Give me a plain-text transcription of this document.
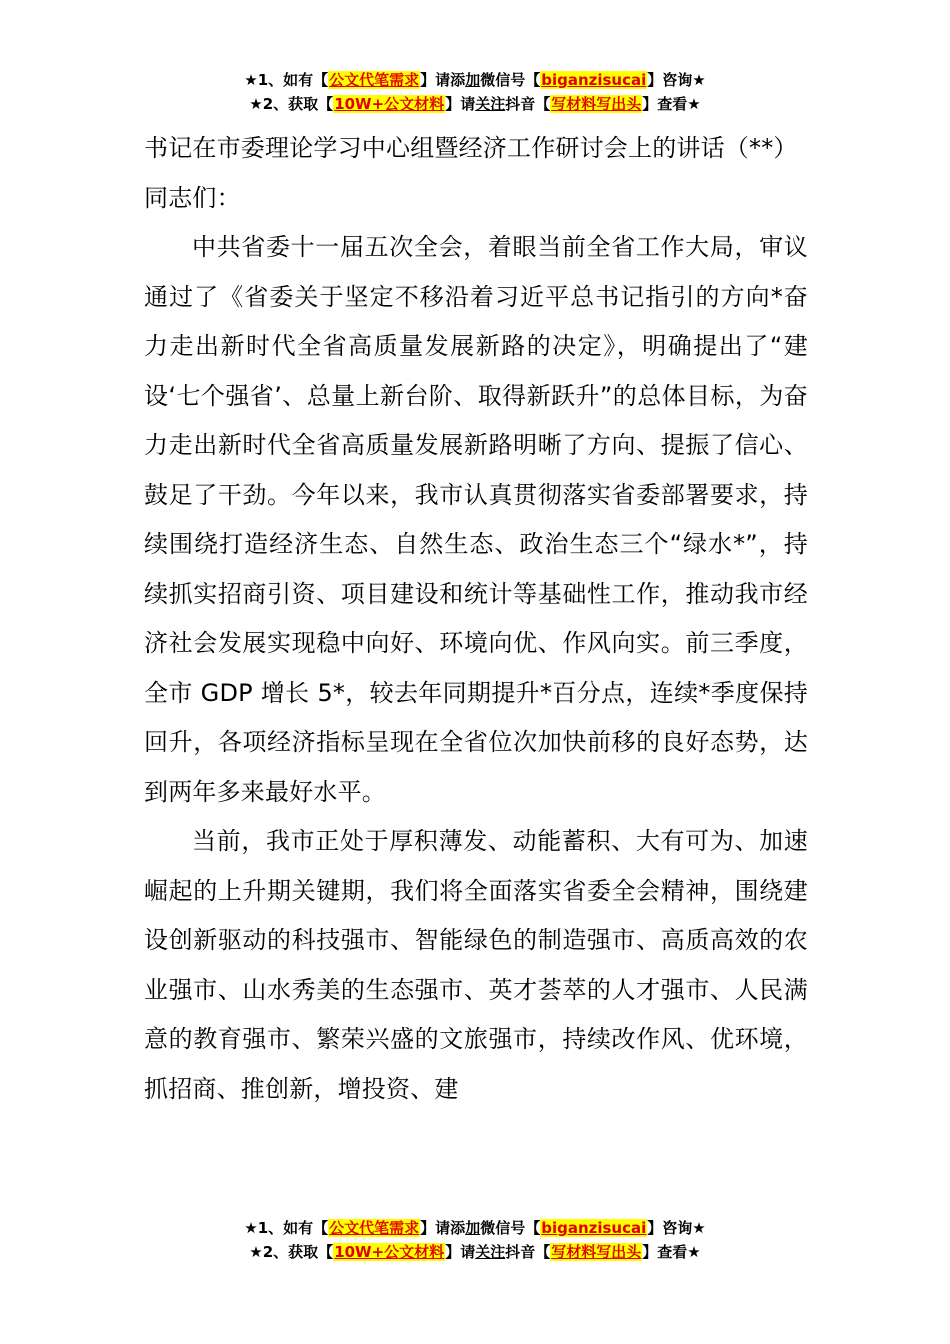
★1、如有【公文代笔需求】请添加微信号【biganzisucai】咨询★
★2、获取【10W+公文材料】请关注抖音【写材料写出头】查看★

书记在市委理论学习中心组暨经济工作研讨会上的讲话（**）

同志们：

中共省委十一届五次全会，着眼当前全省工作大局，审议通过了《省委关于坚定不移沿着习近平总书记指引的方向*奋力走出新时代全省高质量发展新路的决定》，明确提出了“建设‘七个强省’、总量上新台阶、取得新跃升”的总体目标，为奋力走出新时代全省高质量发展新路明晰了方向、提振了信心、鼓足了干劲。今年以来，我市认真贯彻落实省委部署要求，持续围绕打造经济生态、自然生态、政治生态三个“绿水*”，持续抓实招商引资、项目建设和统计等基础性工作，推动我市经济社会发展实现稳中向好、环境向优、作风向实。前三季度，全市 GDP 增长 5*，较去年同期提升*百分点，连续*季度保持回升，各项经济指标呈现在全省位次加快前移的良好态势，达到两年多来最好水平。

当前，我市正处于厚积薄发、动能蓄积、大有可为、加速崛起的上升期关键期，我们将全面落实省委全会精神，围绕建设创新驱动的科技强市、智能绿色的制造强市、高质高效的农业强市、山水秀美的生态强市、英才荟萃的人才强市、人民满意的教育强市、繁荣兴盛的文旅强市，持续改作风、优环境，抓招商、推创新，增投资、建

★1、如有【公文代笔需求】请添加微信号【biganzisucai】咨询★
★2、获取【10W+公文材料】请关注抖音【写材料写出头】查看★
